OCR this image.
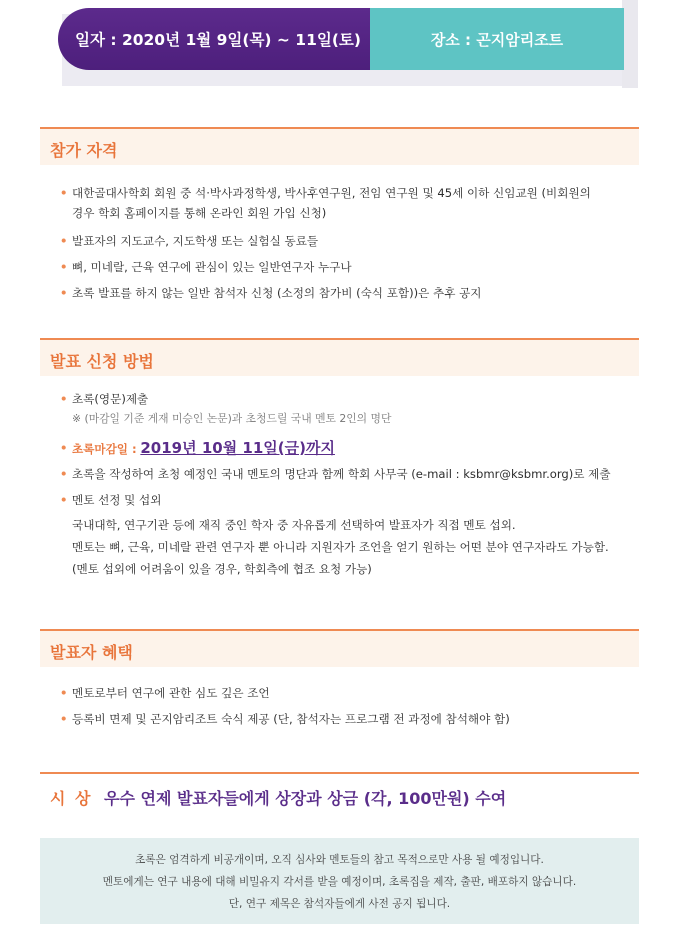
일자 : 2020년 1월 9일(목) ~ 11일(토)	장소 : 곤지암리조트
참가 자격
• 대한골대사학회 회원 중 석·박사과정학생, 박사후연구원, 전임 연구원 및 45세 이하 신임교원 (비회원의
경우 학회 홈페이지를 통해 온라인 회원 가입 신청)
• 발표자의 지도교수, 지도학생 또는 실험실 동료들
• 뼈, 미네랄, 근육 연구에 관심이 있는 일반연구자 누구나
• 초록 발표를 하지 않는 일반 참석자 신청 (소정의 참가비 (숙식 포함))은 추후 공지
발표 신청 방법
• 초록(영문)제출
※ (마감일 기준 게재 미승인 논문)과 초청드릴 국내 멘토 2인의 명단
• 초록마감일 : 2019년 10월 11일(금)까지
• 초록을 작성하여 초청 예정인 국내 멘토의 명단과 함께 학회 사무국 (e-mail : ksbmr@ksbmr.org)로 제출
• 멘토 선정 및 섭외
국내대학, 연구기관 등에 재직 중인 학자 중 자유롭게 선택하여 발표자가 직접 멘토 섭외.
멘토는 뼈, 근육, 미네랄 관련 연구자 뿐 아니라 지원자가 조언을 얻기 원하는 어떤 분야 연구자라도 가능함.
(멘토 섭외에 어려움이 있을 경우, 학회측에 협조 요청 가능)
발표자 혜택
• 멘토로부터 연구에 관한 심도 깊은 조언
• 등록비 면제 및 곤지암리조트 숙식 제공 (단, 참석자는 프로그램 전 과정에 참석해야 함)
시 상 우수 연제 발표자들에게 상장과 상금 (각, 100만원) 수여
초록은 엄격하게 비공개이며, 오직 심사와 멘토들의 참고 목적으로만 사용 될 예정입니다.
멘토에게는 연구 내용에 대해 비밀유지 각서를 받을 예정이며, 초록집을 제작, 출판, 배포하지 않습니다.
단, 연구 제목은 참석자들에게 사전 공지 됩니다.
